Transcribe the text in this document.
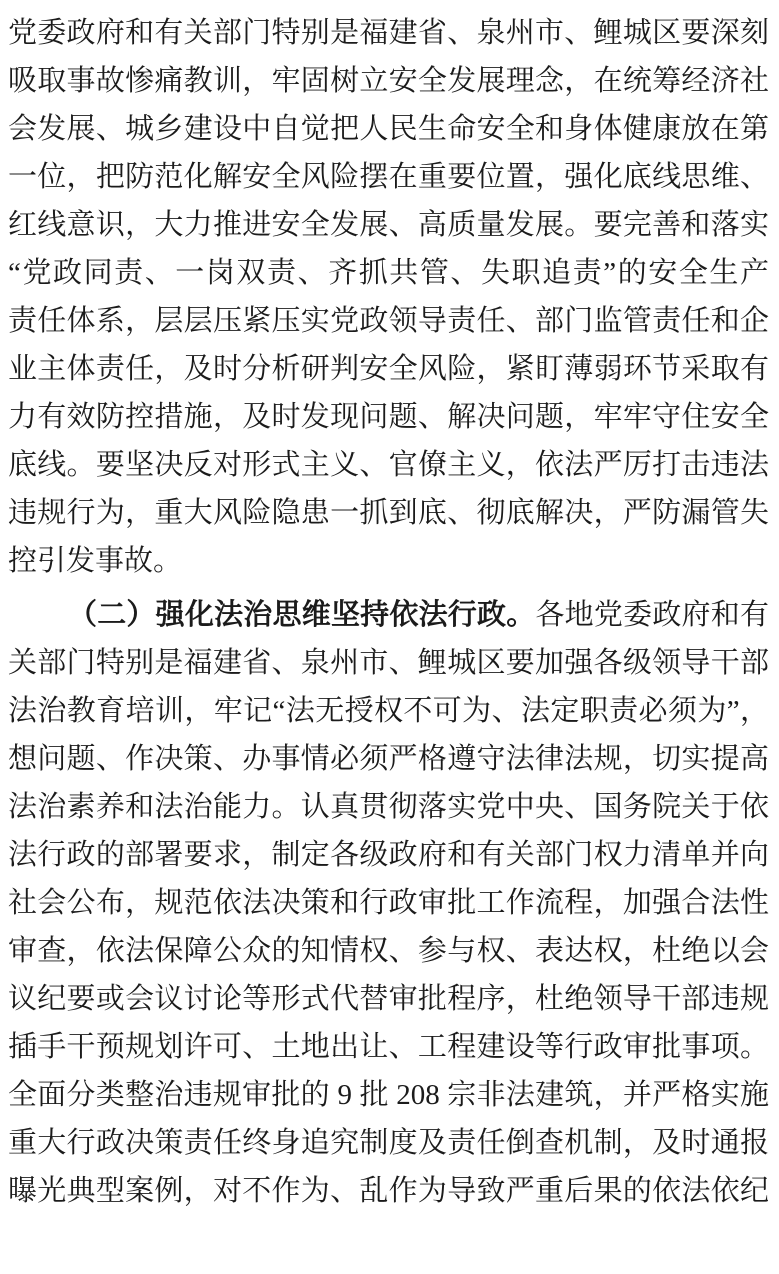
党委政府和有关部门特别是福建省、泉州市、鲤城区要深刻
吸取事故惨痛教训，牢固树立安全发展理念，在统筹经济社
会发展、城乡建设中自觉把人民生命安全和身体健康放在第
一位，把防范化解安全风险摆在重要位置，强化底线思维、
红线意识，大力推进安全发展、高质量发展。要完善和落实
“党政同责、一岗双责、齐抓共管、失职追责”的安全生产
责任体系，层层压紧压实党政领导责任、部门监管责任和企
业主体责任，及时分析研判安全风险，紧盯薄弱环节采取有
力有效防控措施，及时发现问题、解决问题，牢牢守住安全
底线。要坚决反对形式主义、官僚主义，依法严厉打击违法
违规行为，重大风险隐患一抓到底、彻底解决，严防漏管失
控引发事故。
（二）强化法治思维坚持依法行政。各地党委政府和有
关部门特别是福建省、泉州市、鲤城区要加强各级领导干部
法治教育培训，牢记“法无授权不可为、法定职责必须为”，
想问题、作决策、办事情必须严格遵守法律法规，切实提高
法治素养和法治能力。认真贯彻落实党中央、国务院关于依
法行政的部署要求，制定各级政府和有关部门权力清单并向
社会公布，规范依法决策和行政审批工作流程，加强合法性
审查，依法保障公众的知情权、参与权、表达权，杜绝以会
议纪要或会议讨论等形式代替审批程序，杜绝领导干部违规
插手干预规划许可、土地出让、工程建设等行政审批事项。
全面分类整治违规审批的 9 批 208 宗非法建筑，并严格实施
重大行政决策责任终身追究制度及责任倒查机制，及时通报
曝光典型案例，对不作为、乱作为导致严重后果的依法依纪
